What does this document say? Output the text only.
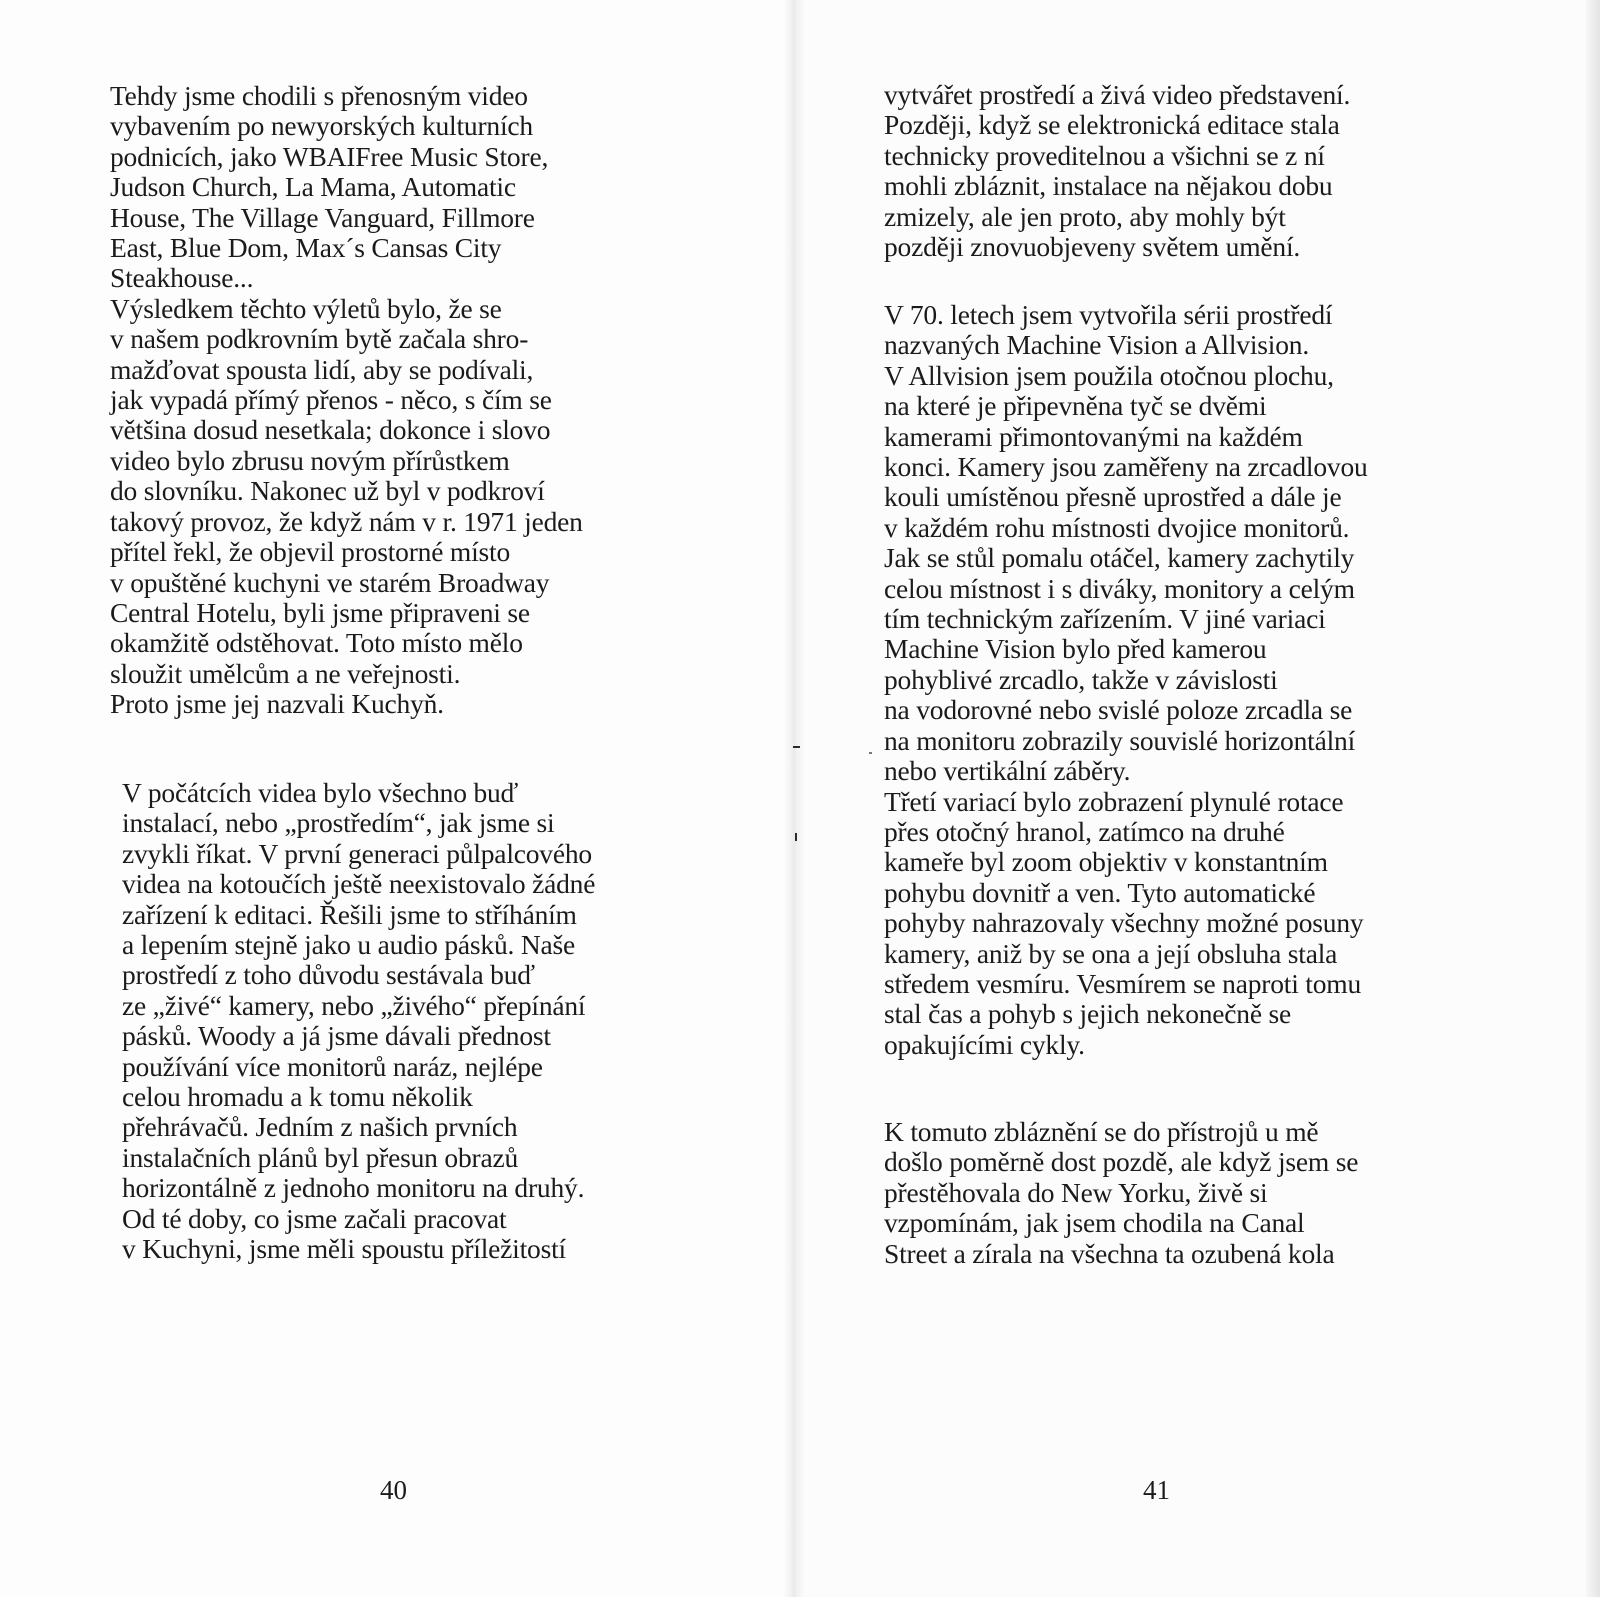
Tehdy jsme chodili s přenosným video
vybavením po newyorských kulturních
podnicích, jako WBAIFree Music Store,
Judson Church, La Mama, Automatic
House, The Village Vanguard, Fillmore
East, Blue Dom, Max´s Cansas City
Steakhouse...
Výsledkem těchto výletů bylo, že se
v našem podkrovním bytě začala shro-
mažďovat spousta lidí, aby se podívali,
jak vypadá přímý přenos - něco, s čím se
většina dosud nesetkala; dokonce i slovo
video bylo zbrusu novým přírůstkem
do slovníku. Nakonec už byl v podkroví
takový provoz, že když nám v r. 1971 jeden
přítel řekl, že objevil prostorné místo
v opuštěné kuchyni ve starém Broadway
Central Hotelu, byli jsme připraveni se
okamžitě odstěhovat. Toto místo mělo
sloužit umělcům a ne veřejnosti.
Proto jsme jej nazvali Kuchyň.

V počátcích videa bylo všechno buď
instalací, nebo „prostředím“, jak jsme si
zvykli říkat. V první generaci půlpalcového
videa na kotoučích ještě neexistovalo žádné
zařízení k editaci. Řešili jsme to stříháním
a lepením stejně jako u audio pásků. Naše
prostředí z toho důvodu sestávala buď
ze „živé“ kamery, nebo „živého“ přepínání
pásků. Woody a já jsme dávali přednost
používání více monitorů naráz, nejlépe
celou hromadu a k tomu několik
přehrávačů. Jedním z našich prvních
instalačních plánů byl přesun obrazů
horizontálně z jednoho monitoru na druhý.
Od té doby, co jsme začali pracovat
v Kuchyni, jsme měli spoustu příležitostí

40

vytvářet prostředí a živá video představení.
Později, když se elektronická editace stala
technicky proveditelnou a všichni se z ní
mohli zbláznit, instalace na nějakou dobu
zmizely, ale jen proto, aby mohly být
později znovuobjeveny světem umění.

V 70. letech jsem vytvořila sérii prostředí
nazvaných Machine Vision a Allvision.
V Allvision jsem použila otočnou plochu,
na které je připevněna tyč se dvěmi
kamerami přimontovanými na každém
konci. Kamery jsou zaměřeny na zrcadlovou
kouli umístěnou přesně uprostřed a dále je
v každém rohu místnosti dvojice monitorů.
Jak se stůl pomalu otáčel, kamery zachytily
celou místnost i s diváky, monitory a celým
tím technickým zařízením. V jiné variaci
Machine Vision bylo před kamerou
pohyblivé zrcadlo, takže v závislosti
na vodorovné nebo svislé poloze zrcadla se
na monitoru zobrazily souvislé horizontální
nebo vertikální záběry.
Třetí variací bylo zobrazení plynulé rotace
přes otočný hranol, zatímco na druhé
kameře byl zoom objektiv v konstantním
pohybu dovnitř a ven. Tyto automatické
pohyby nahrazovaly všechny možné posuny
kamery, aniž by se ona a její obsluha stala
středem vesmíru. Vesmírem se naproti tomu
stal čas a pohyb s jejich nekonečně se
opakujícími cykly.

K tomuto zbláznění se do přístrojů u mě
došlo poměrně dost pozdě, ale když jsem se
přestěhovala do New Yorku, živě si
vzpomínám, jak jsem chodila na Canal
Street a zírala na všechna ta ozubená kola

41
